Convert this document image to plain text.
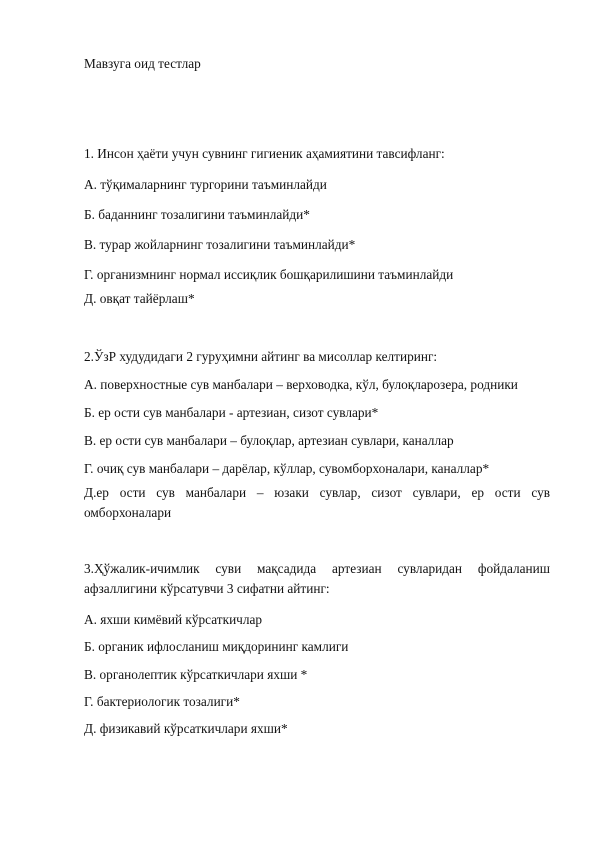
Мавзуга оид тестлар
1. Инсон ҳаёти учун сувнинг гигиеник аҳамиятини тавсифланг:
А. тўқималарнинг тургорини таъминлайди
Б. баданнинг тозалигини таъминлайди*
В. турар жойларнинг тозалигини таъминлайди*
Г. организмнинг нормал иссиқлик бошқарилишини таъминлайди
Д. овқат тайёрлаш*
2.ЎзР худудидаги 2 гуруҳимни айтинг ва мисоллар келтиринг:
А. поверхностные сув манбалари – верховодка, кўл, булоқларозера, родники
Б. ер ости сув манбалари - артезиан, сизот сувлари*
В. ер ости сув манбалари – булоқлар, артезиан сувлари, каналлар
Г. очиқ сув манбалари – дарёлар, кўллар, сувомборхоналари, каналлар*
Д.ер ости сув манбалари – юзаки сувлар, сизот сувлари, ер ости сув
омборхоналари
3.Ҳўжалик-ичимлик суви мақсадида артезиан сувларидан фойдаланиш
афзаллигини кўрсатувчи 3 сифатни айтинг:
А. яхши кимёвий кўрсаткичлар
Б. органик ифлосланиш миқдорининг камлиги
В. органолептик кўрсаткичлари яхши *
Г. бактериологик тозалиги*
Д. физикавий кўрсаткичлари яхши*
